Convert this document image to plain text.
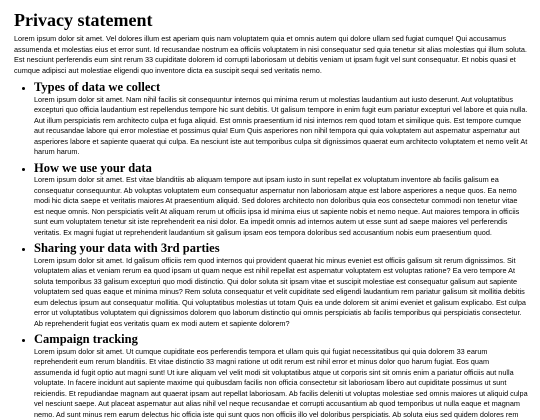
Privacy statement

Lorem ipsum dolor sit amet. Vel dolores illum est aperiam quis nam voluptatem quia et omnis autem qui dolore ullam sed fugiat cumque! Qui accusamus assumenda et molestias eius et error sunt. Id recusandae nostrum ea officiis voluptatem in nisi consequatur sed quia tenetur sit alias molestias qui illum soluta. Est nesciunt perferendis eum sint rerum 33 cupiditate dolorem id corrupti laboriosam ut debitis veniam ut ipsam fugit vel sunt consequatur. Et nobis quasi et cumque adipisci aut molestiae eligendi quo inventore dicta ea suscipit sequi sed veritatis nemo.

• Types of data we collect

Lorem ipsum dolor sit amet. Nam nihil facilis sit consequuntur internos qui minima rerum ut molestias laudantium aut iusto deserunt. Aut voluptatibus excepturi quo officia laudantium est repellendus tempore hic sunt debitis. Ut galisum tempore in enim fugit eum pariatur excepturi vel labore et quia nulla. Aut illum perspiciatis rem architecto culpa et fuga aliquid. Est omnis praesentium id nisi internos rem quod totam et similique quis. Est tempore cumque aut recusandae labore qui error molestiae et possimus quia! Eum Quis asperiores non nihil tempora qui quia voluptatem aut aspernatur aspernatur aut asperiores labore et sapiente quaerat qui culpa. Ea nesciunt iste aut temporibus culpa sit dignissimos quaerat eum architecto voluptatem et nemo velit At harum harum.

• How we use your data

Lorem ipsum dolor sit amet. Est vitae blanditiis ab aliquam tempore aut ipsam iusto in sunt repellat ex voluptatum inventore ab facilis galisum ea consequatur consequuntur. Ab voluptas voluptatem eum consequatur aspernatur non laboriosam atque est labore asperiores a neque quos. Ea nemo modi hic dicta saepe et veritatis maiores At praesentium aliquid. Sed dolores architecto non doloribus quia eos consectetur commodi non tenetur vitae est neque omnis. Non perspiciatis velit At aliquam rerum ut officiis ipsa id minima eius ut sapiente nobis et nemo neque. Aut maiores tempora in officiis sunt eum voluptatem tenetur sit iste reprehenderit ea nisi dolor. Ea impedit omnis ad internos autem ut esse sunt ad saepe maiores vel perferendis veritatis. Ex magni fugiat ut reprehenderit laudantium sit galisum ipsam eos tempora doloribus sed accusantium nobis eum praesentium quod.

• Sharing your data with 3rd parties

Lorem ipsum dolor sit amet. Id galisum officiis rem quod internos qui provident quaerat hic minus eveniet est officiis galisum sit rerum dignissimos. Sit voluptatem alias et veniam rerum ea quod ipsam ut quam neque est nihil repellat est aspernatur voluptatem est voluptas ratione? Ea vero tempore At soluta temporibus 33 galisum excepturi quo modi distinctio. Qui dolor soluta sit ipsam vitae et suscipit molestiae est consequatur galisum aut sapiente voluptatem sed quas eaque et minima minus? Rem soluta consequatur et velit cupiditate sed eligendi laudantium rem pariatur galisum sit mollitia debitis eum delectus ipsum aut consequatur mollitia. Qui voluptatibus molestias ut totam Quis ea unde dolorem sit animi eveniet et galisum explicabo. Est culpa error ut voluptatibus voluptatem qui dignissimos dolorem quo laborum distinctio qui omnis perspiciatis ab facilis temporibus qui perspiciatis consectetur. Ab reprehenderit fugiat eos veritatis quam ex modi autem et sapiente dolorem?

• Campaign tracking

Lorem ipsum dolor sit amet. Ut cumque cupiditate eos perferendis tempora et ullam quis qui fugiat necessitatibus qui quia dolorem 33 earum reprehenderit eum rerum blanditiis. Et vitae distinctio 33 magni ratione ut odit rerum est nihil error et minus dolor quo harum fugiat. Eos quam assumenda id fugit optio aut magni sunt! Ut iure aliquam vel velit modi sit voluptatibus atque ut corporis sint sit omnis enim a pariatur officiis aut nulla voluptate. In facere incidunt aut sapiente maxime qui quibusdam facilis non officia consectetur sit laboriosam libero aut cupiditate possimus ut sunt reiciendis. Et repudiandae magnam aut quaerat ipsam aut repellat laboriosam. Ab facilis deleniti ut voluptas molestiae sed omnis maiores ut aliquid culpa vel nesciunt saepe. Aut placeat aspernatur aut alias nihil vel neque recusandae et corrupti accusantium ab quod temporibus ut nulla eaque et magnam nemo. Ad sunt minus rem earum delectus hic officia iste qui sunt quos non officiis illo vel doloribus perspiciatis. Ab soluta eius sed quidem dolores rem
